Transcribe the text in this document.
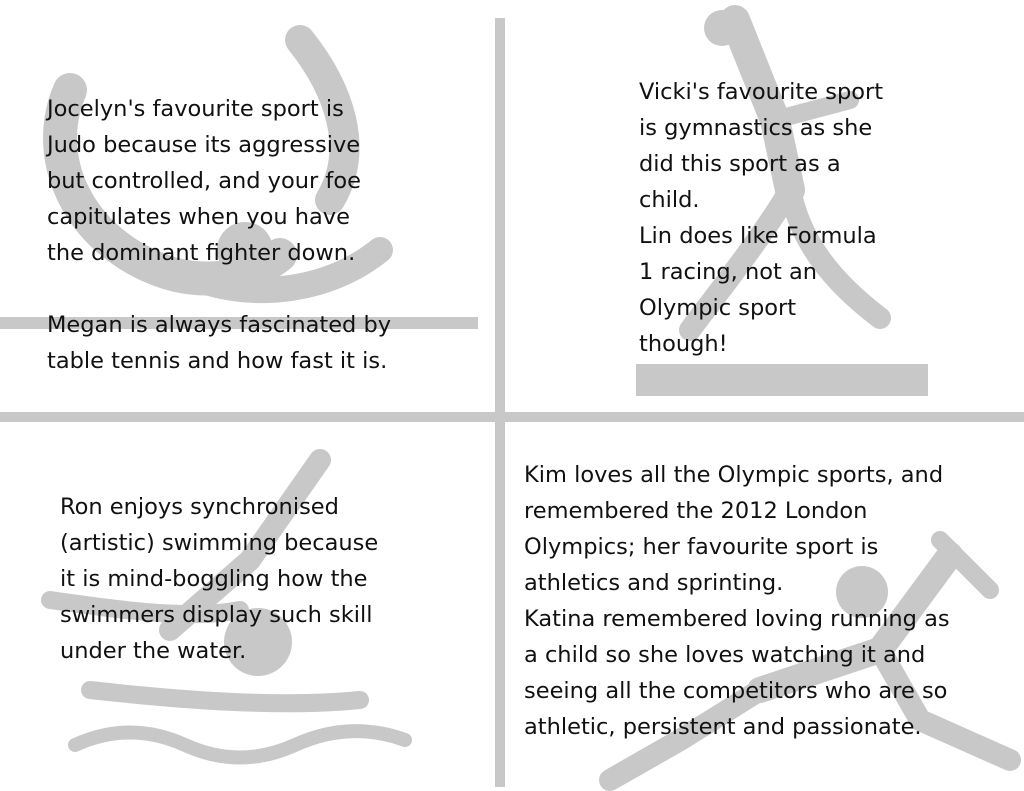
Jocelyn's favourite sport is
Judo because its aggressive
but controlled, and your foe
capitulates when you have
the dominant fighter down.

Megan is always fascinated by
table tennis and how fast it is.

Vicki's favourite sport
is gymnastics as she
did this sport as a
child.
Lin does like Formula
1 racing, not an
Olympic sport
though!

Ron enjoys synchronised
(artistic) swimming because
it is mind-boggling how the
swimmers display such skill
under the water.

Kim loves all the Olympic sports, and
remembered the 2012 London
Olympics; her favourite sport is
athletics and sprinting.
Katina remembered loving running as
a child so she loves watching it and
seeing all the competitors who are so
athletic, persistent and passionate.
